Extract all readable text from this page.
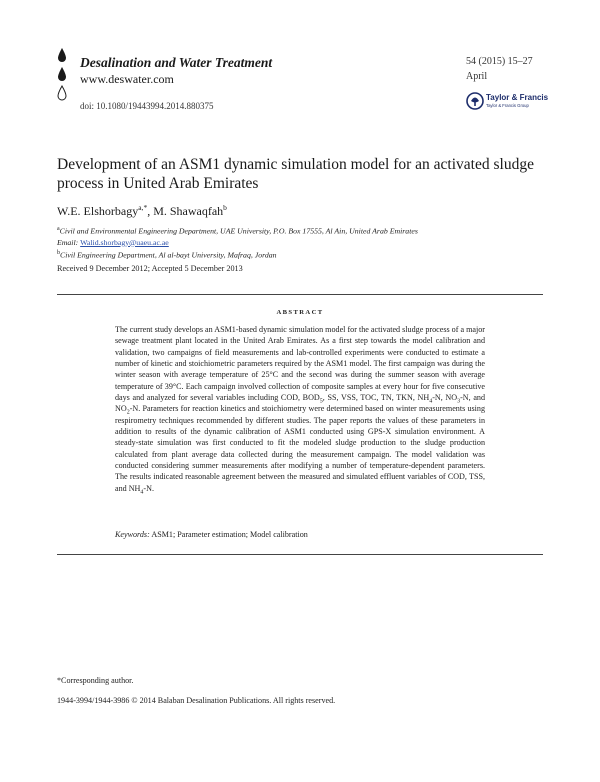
Desalination and Water Treatment
www.deswater.com
doi: 10.1080/19443994.2014.880375
54 (2015) 15–27
April
Taylor & Francis
Taylor & Francis Group
Development of an ASM1 dynamic simulation model for an activated sludge process in United Arab Emirates
W.E. Elshorbagy$^{a,*}$, M. Shawaqfah$^b$
$^a$Civil and Environmental Engineering Department, UAE University, P.O. Box 17555, Al Ain, United Arab Emirates
Email: Walid.shorbagy@uaeu.ac.ae
$^b$Civil Engineering Department, Al al-bayt University, Mafraq, Jordan
Received 9 December 2012; Accepted 5 December 2013
ABSTRACT
The current study develops an ASM1-based dynamic simulation model for the activated sludge process of a major sewage treatment plant located in the United Arab Emirates. As a first step towards the model calibration and validation, two campaigns of field measurements and lab-controlled experiments were conducted to estimate a number of kinetic and stoichiometric parameters required by the ASM1 model. The first campaign was during the winter season with average temperature of 25°C and the second was during the summer season with average temperature of 39°C. Each campaign involved collection of composite samples at every hour for five consecutive days and analyzed for several variables including COD, $BOD_5$, SS, VSS, TOC, TN, TKN, $NH_4-N$, $NO_3-N$, and $NO_2-N$. Parameters for reaction kinetics and stoichiometry were determined based on winter measurements using respirometry techniques recommended by different studies. The paper reports the values of these parameters in addition to results of the dynamic calibration of ASM1 conducted using GPS-X simulation environment. A steady-state simulation was first conducted to fit the modeled sludge production to the sludge production calculated from plant average data collected during the measurement campaign. The model validation was conducted considering summer measurements after modifying a number of temperature-dependent parameters. The results indicated reasonable agreement between the measured and simulated effluent variables of COD, TSS, and $NH_4-N$.
Keywords: ASM1; Parameter estimation; Model calibration
*Corresponding author.
1944-3994/1944-3986 © 2014 Balaban Desalination Publications. All rights reserved.
